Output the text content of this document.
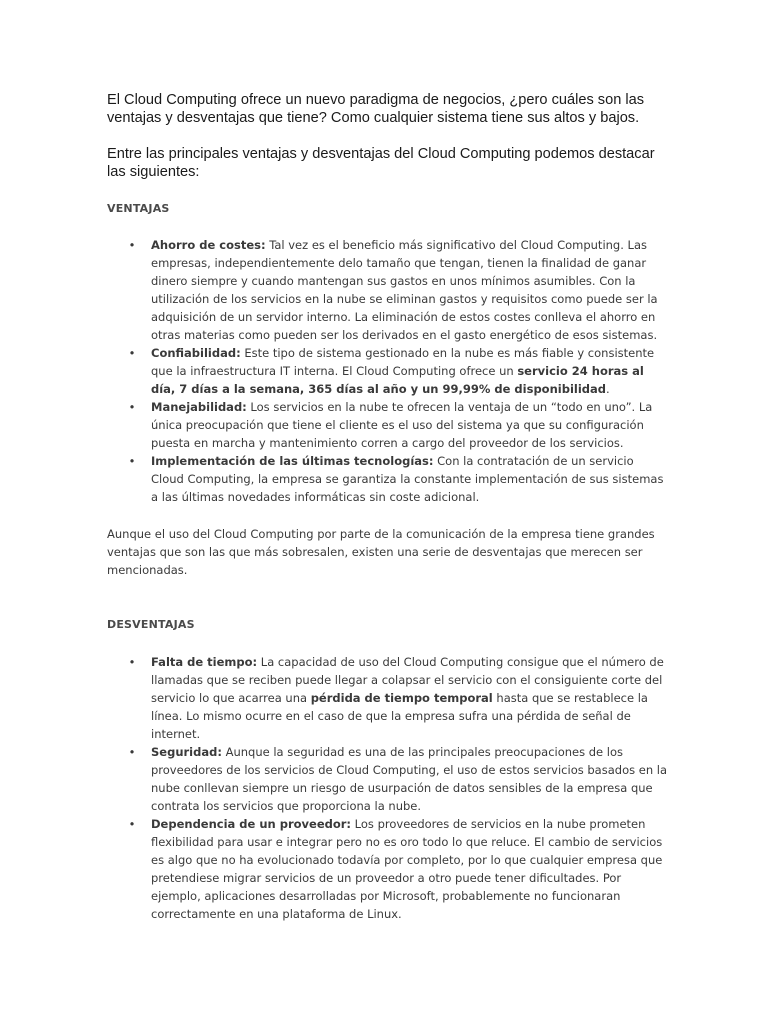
El Cloud Computing ofrece un nuevo paradigma de negocios, ¿pero cuáles son las ventajas y desventajas que tiene? Como cualquier sistema tiene sus altos y bajos.

Entre las principales ventajas y desventajas del Cloud Computing podemos destacar las siguientes:

VENTAJAS
• Ahorro de costes: Tal vez es el beneficio más significativo del Cloud Computing. Las empresas, independientemente delo tamaño que tengan, tienen la finalidad de ganar dinero siempre y cuando mantengan sus gastos en unos mínimos asumibles. Con la utilización de los servicios en la nube se eliminan gastos y requisitos como puede ser la adquisición de un servidor interno. La eliminación de estos costes conlleva el ahorro en otras materias como pueden ser los derivados en el gasto energético de esos sistemas.
• Confiabilidad: Este tipo de sistema gestionado en la nube es más fiable y consistente que la infraestructura IT interna. El Cloud Computing ofrece un servicio 24 horas al día, 7 días a la semana, 365 días al año y un 99,99% de disponibilidad.
• Manejabilidad: Los servicios en la nube te ofrecen la ventaja de un “todo en uno”. La única preocupación que tiene el cliente es el uso del sistema ya que su configuración puesta en marcha y mantenimiento corren a cargo del proveedor de los servicios.
• Implementación de las últimas tecnologías: Con la contratación de un servicio Cloud Computing, la empresa se garantiza la constante implementación de sus sistemas a las últimas novedades informáticas sin coste adicional.

Aunque el uso del Cloud Computing por parte de la comunicación de la empresa tiene grandes ventajas que son las que más sobresalen, existen una serie de desventajas que merecen ser mencionadas.

DESVENTAJAS
• Falta de tiempo: La capacidad de uso del Cloud Computing consigue que el número de llamadas que se reciben puede llegar a colapsar el servicio con el consiguiente corte del servicio lo que acarrea una pérdida de tiempo temporal hasta que se restablece la línea. Lo mismo ocurre en el caso de que la empresa sufra una pérdida de señal de internet.
• Seguridad: Aunque la seguridad es una de las principales preocupaciones de los proveedores de los servicios de Cloud Computing, el uso de estos servicios basados en la nube conllevan siempre un riesgo de usurpación de datos sensibles de la empresa que contrata los servicios que proporciona la nube.
• Dependencia de un proveedor: Los proveedores de servicios en la nube prometen flexibilidad para usar e integrar pero no es oro todo lo que reluce. El cambio de servicios es algo que no ha evolucionado todavía por completo, por lo que cualquier empresa que pretendiese migrar servicios de un proveedor a otro puede tener dificultades. Por ejemplo, aplicaciones desarrolladas por Microsoft, probablemente no funcionaran correctamente en una plataforma de Linux.
